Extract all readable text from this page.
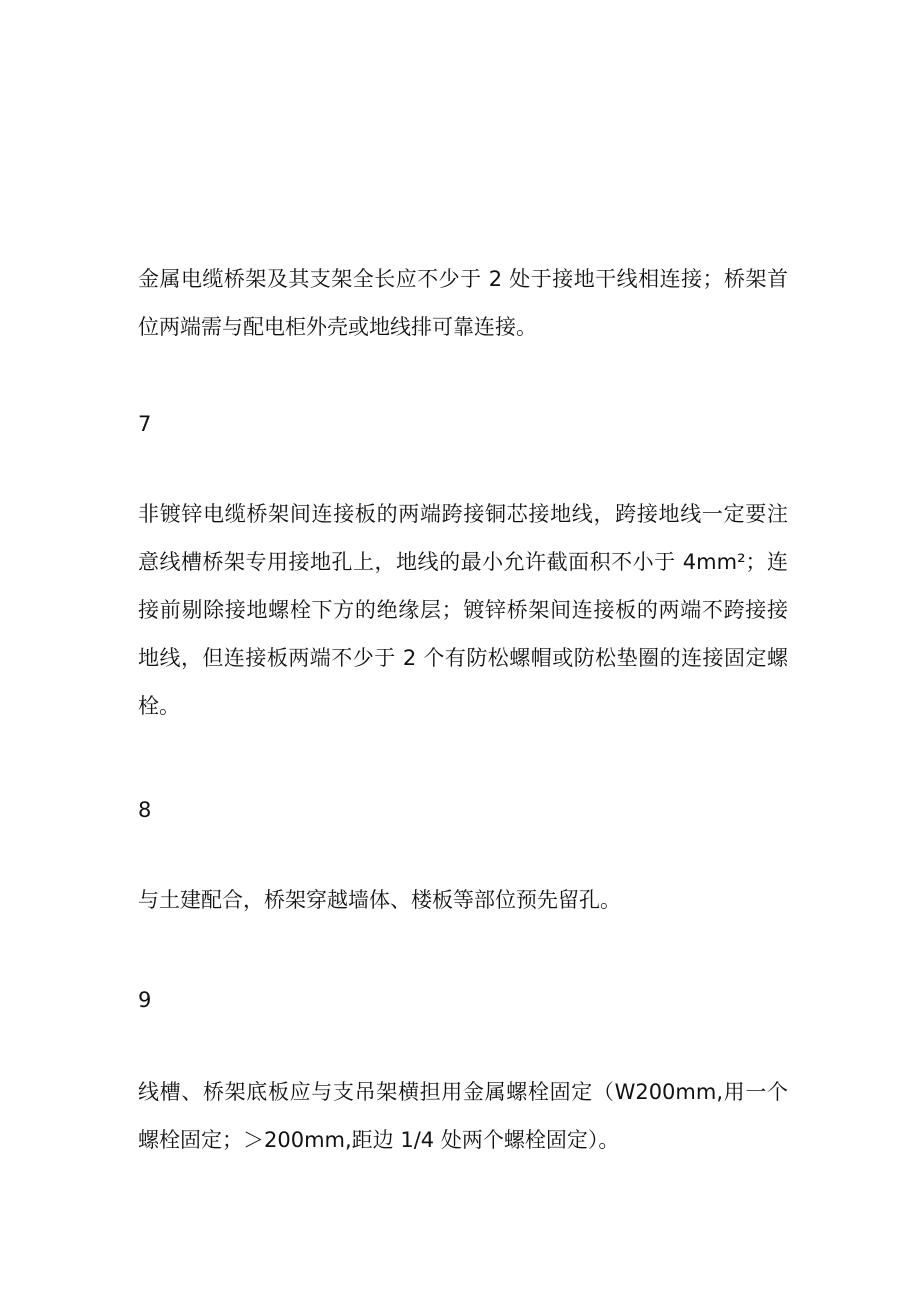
金属电缆桥架及其支架全长应不少于 2 处于接地干线相连接；桥架首位两端需与配电柜外壳或地线排可靠连接。

7

非镀锌电缆桥架间连接板的两端跨接铜芯接地线，跨接地线一定要注意线槽桥架专用接地孔上，地线的最小允许截面积不小于 4mm²；连接前剔除接地螺栓下方的绝缘层；镀锌桥架间连接板的两端不跨接接地线，但连接板两端不少于 2 个有防松螺帽或防松垫圈的连接固定螺栓。

8

与土建配合，桥架穿越墙体、楼板等部位预先留孔。

9

线槽、桥架底板应与支吊架横担用金属螺栓固定（W200mm,用一个螺栓固定；＞200mm,距边 1/4 处两个螺栓固定）。
